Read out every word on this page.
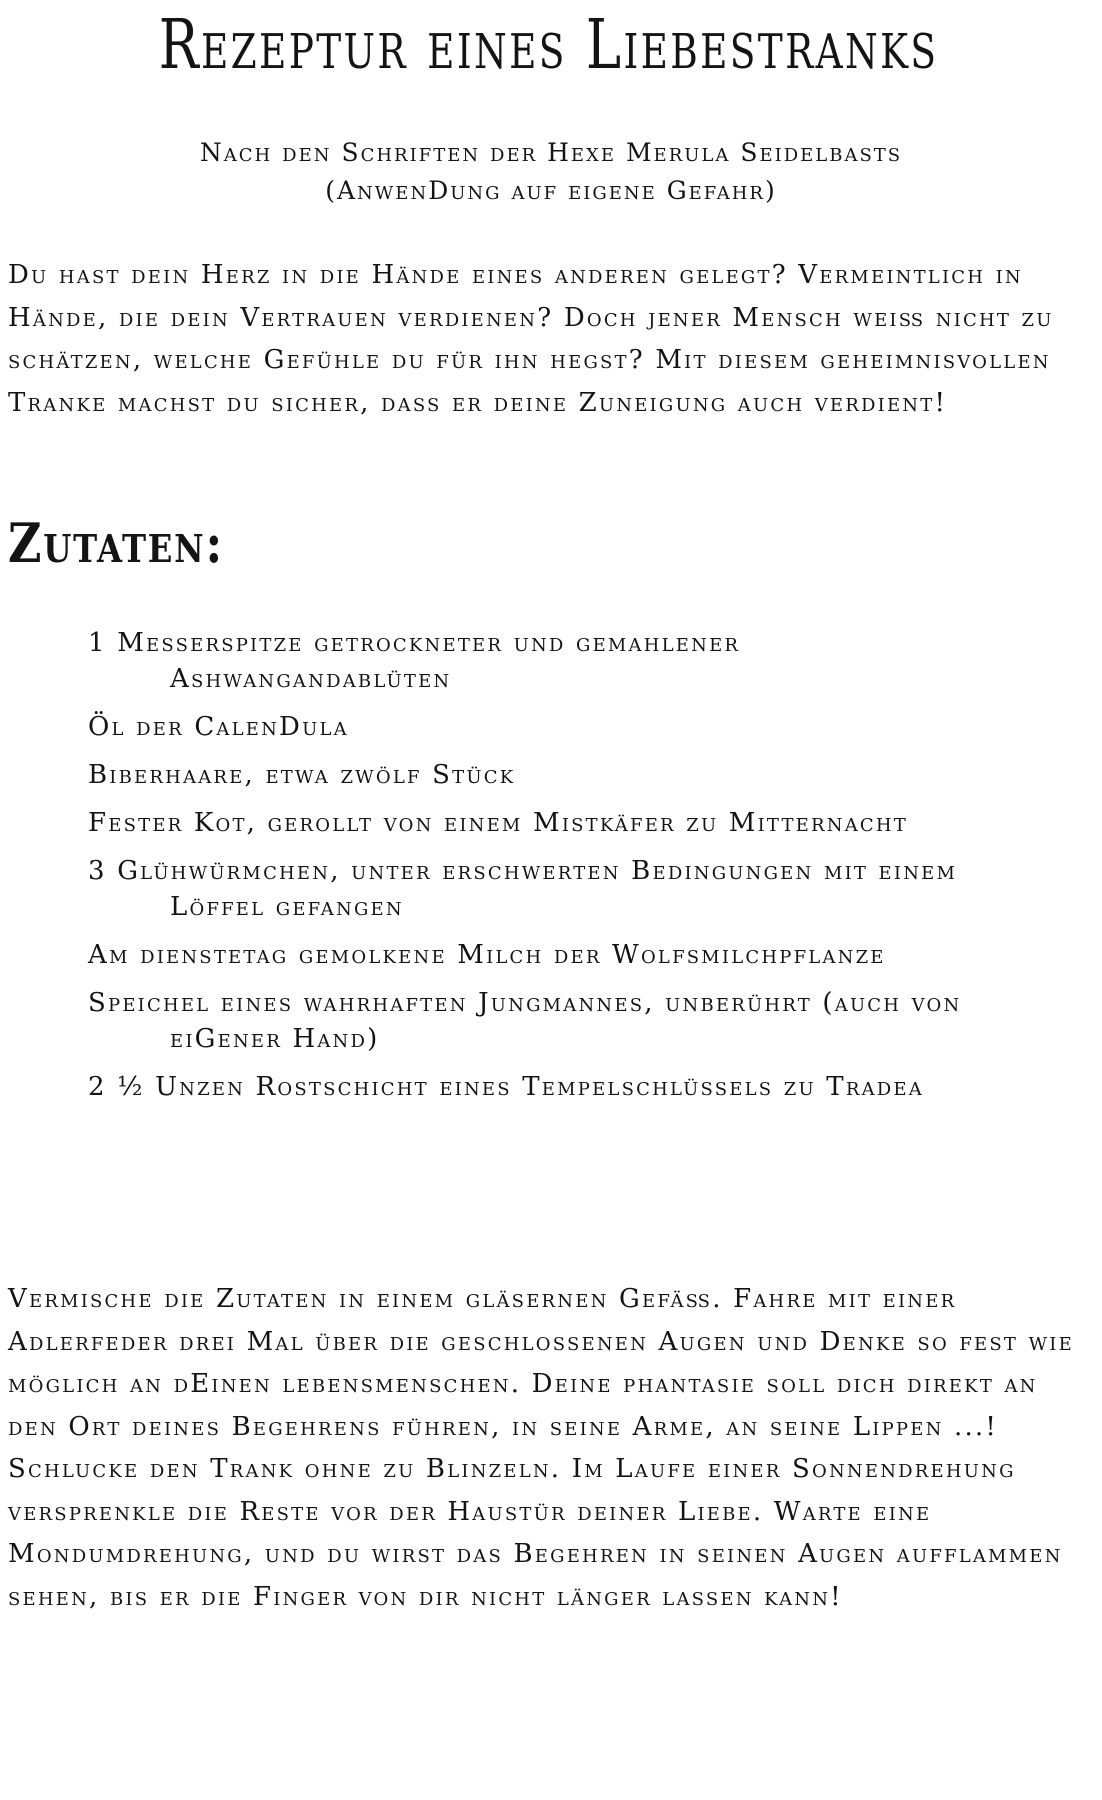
Rezeptur eines Liebestranks
Nach den Schriften der Hexe Merula Seidelbasts
(AnwenDung auf eigene Gefahr)

Du hast dein Herz in die Hände eines anderen gelegt? Vermeintlich in Hände, die dein Vertrauen verdienen? Doch jener Mensch weiß nicht zu schätzen, welche Gefühle du für ihn hegst? Mit diesem geheimnisvollen Tranke machst du sicher, dass er deine Zuneigung auch verdient!

Zutaten:
1 Messerspitze getrockneter und gemahlener Ashwangandablüten
Öl der CalenDula
Biberhaare, etwa zwölf Stück
Fester Kot, gerollt von einem Mistkäfer zu Mitternacht
3 Glühwürmchen, unter erschwerten Bedingungen mit einem Löffel gefangen
Am dienstetag gemolkene Milch der Wolfsmilchpflanze
Speichel eines wahrhaften Jungmannes, unberührt (auch von eiGener Hand)
2 ½ Unzen Rostschicht eines Tempelschlüssels zu Tradea

Vermische die Zutaten in einem gläsernen Gefäß. Fahre mit einer Adlerfeder drei Mal über die geschlossenen Augen und Denke so fest wie möglich an dEinen lebensmenschen. Deine phantasie soll dich direkt an den Ort deines Begehrens führen, in seine Arme, an seine Lippen ...!

Schlucke den Trank ohne zu Blinzeln. Im Laufe einer Sonnendrehung versprenkle die Reste vor der Haustür deiner Liebe. Warte eine Mondumdrehung, und du wirst das Begehren in seinen Augen aufflammen sehen, bis er die Finger von dir nicht länger lassen kann!
